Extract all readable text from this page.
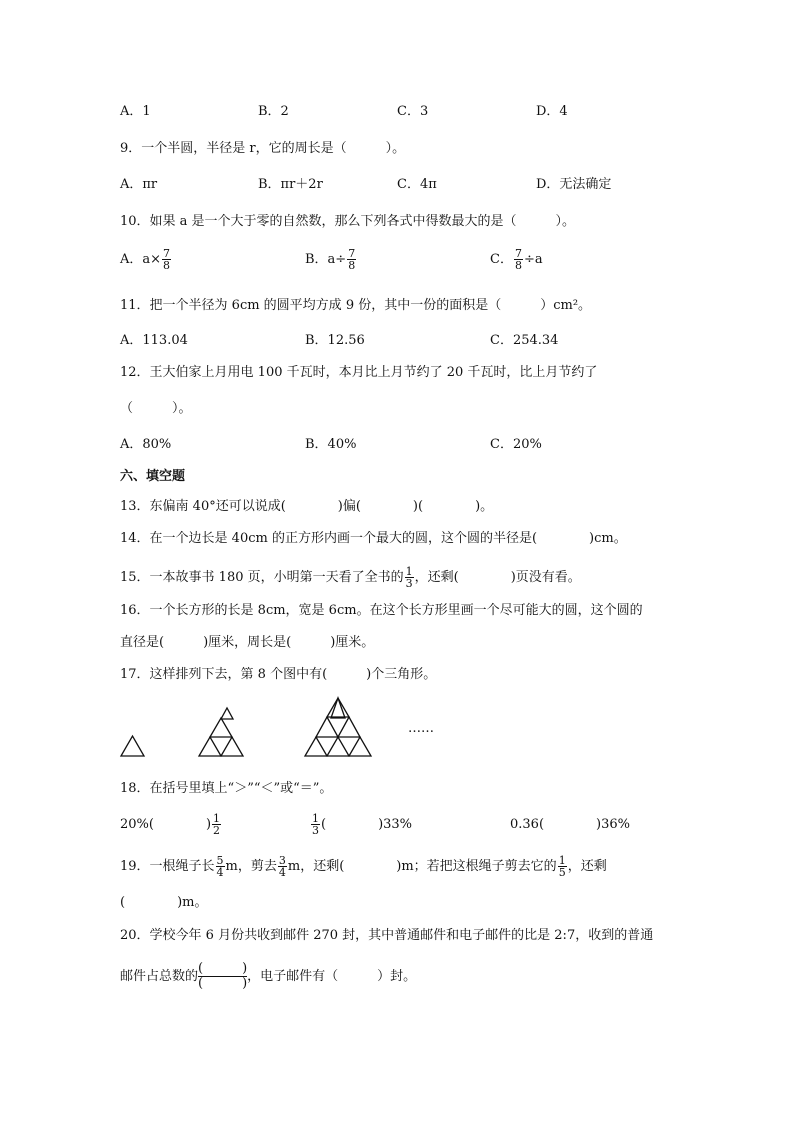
A．1	B．2	C．3	D．4
9．一个半圆，半径是 r，它的周长是（　　　）。
A．πr	B．πr＋2r	C．4π	D．无法确定
10．如果 a 是一个大于零的自然数，那么下列各式中得数最大的是（　　　）。
A．$a\times \frac{7}{8}$	B．$a\div \frac{7}{8}$	C． $\frac{7}{8} \div a$
11．把一个半径为 6cm 的圆平均方成 9 份，其中一份的面积是（　　　）cm²。
A．113.04	B．12.56	C．254.34
12．王大伯家上月用电 100 千瓦时，本月比上月节约了 20 千瓦时，比上月节约了
（　　　）。
A．80%	B．40%	C．20%
六、填空题
13．东偏南 40°还可以说成(　　　　)偏(　　　　)(　　　　)。
14．在一个边长是 40cm 的正方形内画一个最大的圆，这个圆的半径是(　　　　)cm。
15．一本故事书 180 页，小明第一天看了全书的 $\frac{1}{3}$ ，还剩(　　　　)页没有看。
16．一个长方形的长是 8cm，宽是 6cm。在这个长方形里画一个尽可能大的圆，这个圆的
直径是(　　　)厘米，周长是(　　　)厘米。
17．这样排列下去，第 8 个图中有(　　　)个三角形。
……
18．在括号里填上“＞”“＜”或“＝”。
20%(　　　　) $\frac{1}{2}$	$\frac{1}{3}$ (　　　　)33%	0.36(　　　　)36%
19．一根绳子长 $\frac{5}{4}$ m，剪去 $\frac{3}{4}$ m，还剩(　　　　)m；若把这根绳子剪去它的 $\frac{1}{5}$ ，还剩
(　　　　)m。
20．学校今年 6 月份共收到邮件 270 封，其中普通邮件和电子邮件的比是 2:7，收到的普通
邮件占总数的
(　　　)
(　　　) ，电子邮件有（　　　）封。
